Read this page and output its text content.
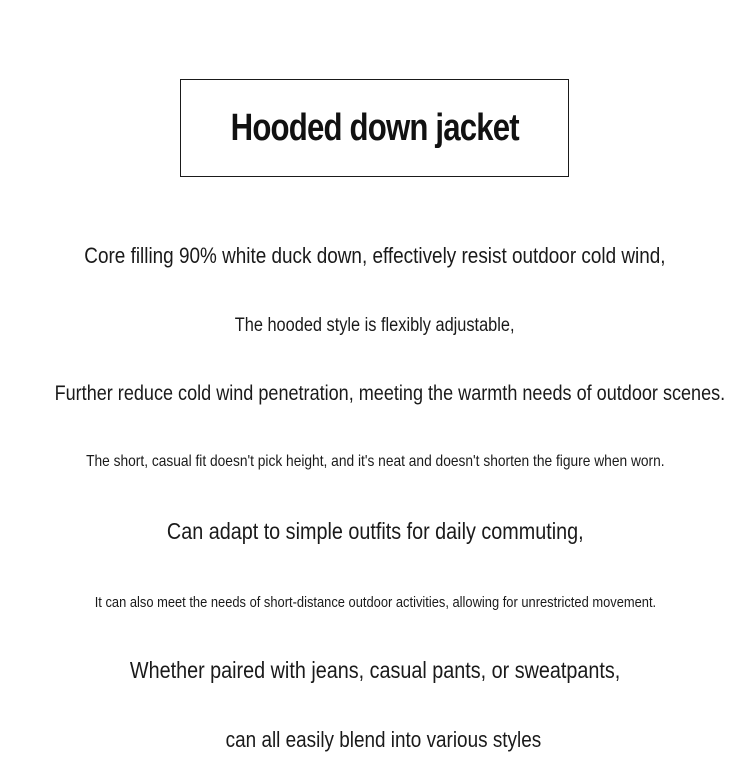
Hooded down jacket
Core filling 90% white duck down, effectively resist outdoor cold wind,
The hooded style is flexibly adjustable,
Further reduce cold wind penetration, meeting the warmth needs of outdoor scenes.
The short, casual fit doesn't pick height, and it's neat and doesn't shorten the figure when worn.
Can adapt to simple outfits for daily commuting,
It can also meet the needs of short-distance outdoor activities, allowing for unrestricted movement.
Whether paired with jeans, casual pants, or sweatpants,
can all easily blend into various styles
